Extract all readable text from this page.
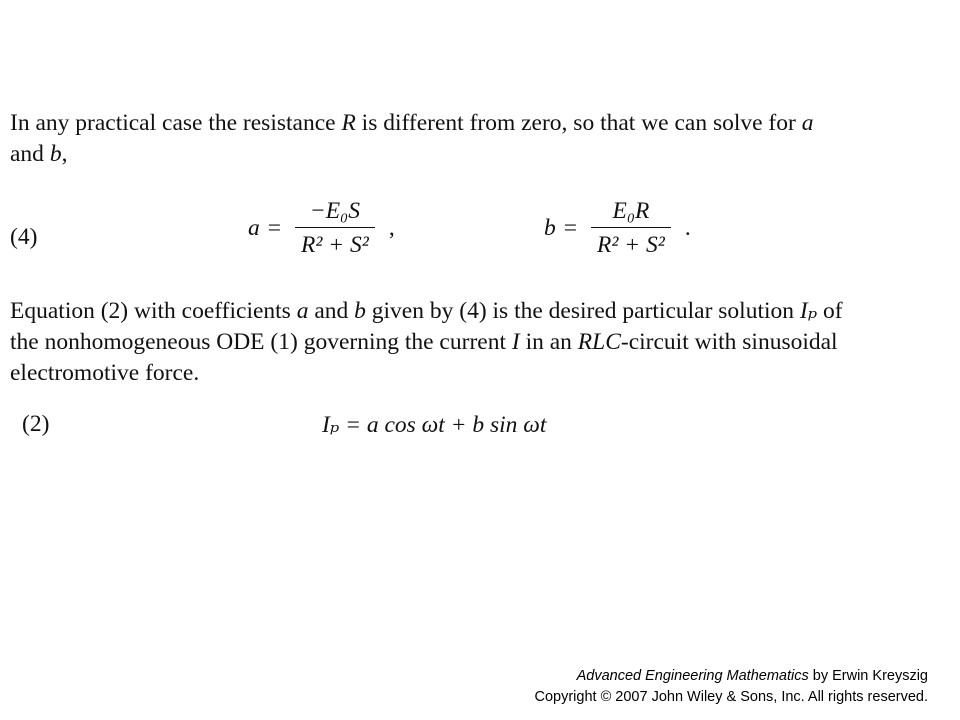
In any practical case the resistance R is different from zero, so that we can solve for a
and b,
(4)	$a = \frac{\text{−E₀S}}{\text{R² + S²}}$ ,	$b = \frac{\text{E₀R}}{\text{R² + S²}}$ .
Equation (2) with coefficients a and b given by (4) is the desired particular solution Iₚ of
the nonhomogeneous ODE (1) governing the current I in an RLC-circuit with sinusoidal
electromotive force.
(2)	Iₚ = a cos ωt + b sin ωt
Advanced Engineering Mathematics by Erwin Kreyszig
Copyright © 2007 John Wiley & Sons, Inc. All rights reserved.
